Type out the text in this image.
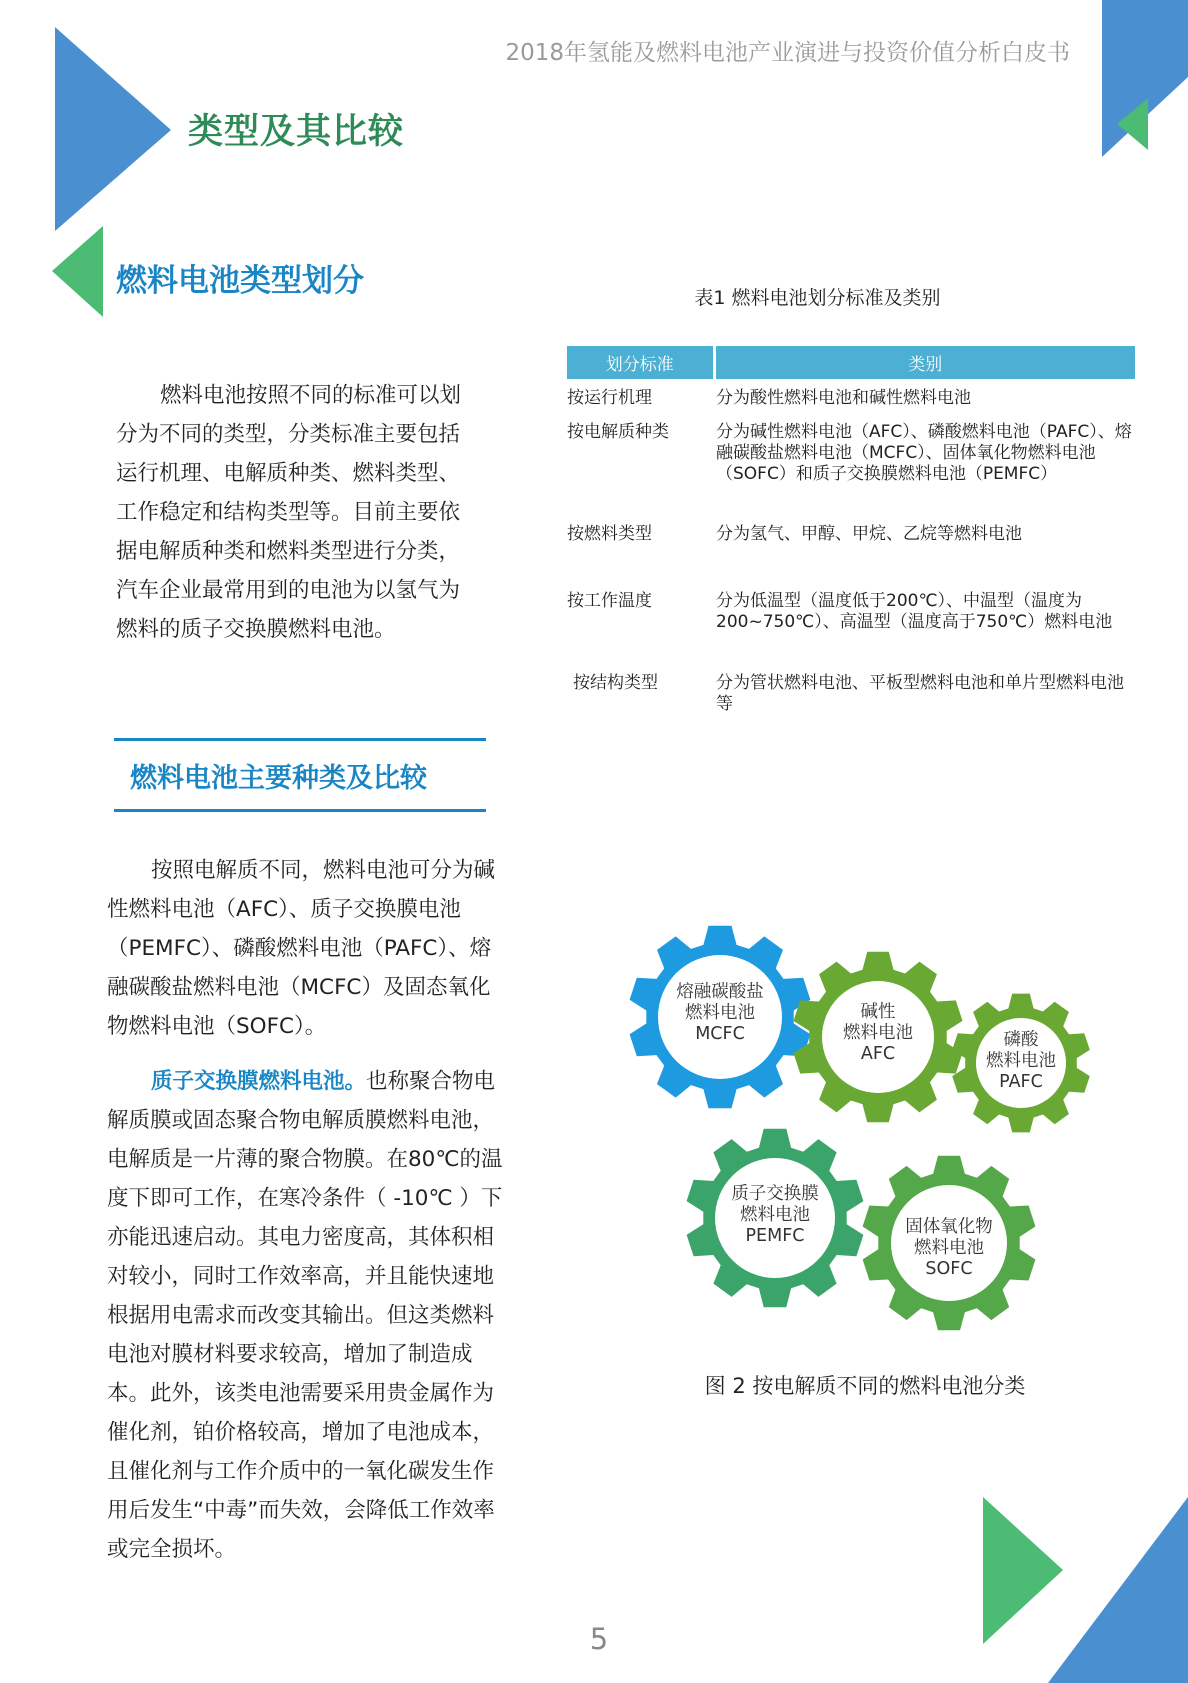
2018年氢能及燃料电池产业演进与投资价值分析白皮书
类型及其比较
燃料电池类型划分
燃料电池按照不同的标准可以划分为不同的类型，分类标准主要包括运行机理、电解质种类、燃料类型、工作稳定和结构类型等。目前主要依据电解质种类和燃料类型进行分类，汽车企业最常用到的电池为以氢气为燃料的质子交换膜燃料电池。
燃料电池主要种类及比较
按照电解质不同，燃料电池可分为碱性燃料电池（AFC）、质子交换膜电池（PEMFC）、磷酸燃料电池（PAFC）、熔融碳酸盐燃料电池（MCFC）及固态氧化物燃料电池（SOFC）。
质子交换膜燃料电池。也称聚合物电解质膜或固态聚合物电解质膜燃料电池，电解质是一片薄的聚合物膜。在80℃的温度下即可工作，在寒冷条件（ -10℃ ）下亦能迅速启动。其电力密度高，其体积相对较小，同时工作效率高，并且能快速地根据用电需求而改变其输出。但这类燃料电池对膜材料要求较高，增加了制造成本。此外，该类电池需要采用贵金属作为催化剂，铂价格较高，增加了电池成本，且催化剂与工作介质中的一氧化碳发生作用后发生“中毒”而失效，会降低工作效率或完全损坏。
表1 燃料电池划分标准及类别
划分标准	类别
按运行机理	分为酸性燃料电池和碱性燃料电池
按电解质种类	分为碱性燃料电池（AFC）、磷酸燃料电池（PAFC）、熔融碳酸盐燃料电池（MCFC）、固体氧化物燃料电池（SOFC）和质子交换膜燃料电池（PEMFC）
按燃料类型	分为氢气、甲醇、甲烷、乙烷等燃料电池
按工作温度	分为低温型（温度低于200℃）、中温型（温度为200~750℃）、高温型（温度高于750℃）燃料电池
按结构类型	分为管状燃料电池、平板型燃料电池和单片型燃料电池等
熔融碳酸盐
燃料电池
MCFC
碱性
燃料电池
AFC
磷酸
燃料电池
PAFC
质子交换膜
燃料电池
PEMFC	固体氧化物
燃料电池
SOFC
图 2 按电解质不同的燃料电池分类
5
